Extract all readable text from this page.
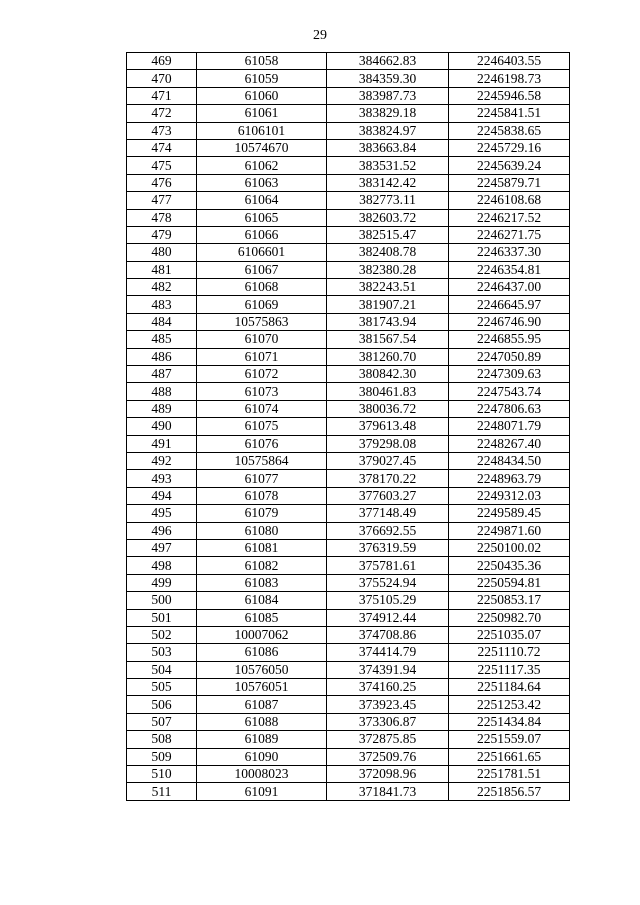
29
469	61058	384662.83	2246403.55
470	61059	384359.30	2246198.73
471	61060	383987.73	2245946.58
472	61061	383829.18	2245841.51
473	6106101	383824.97	2245838.65
474	10574670	383663.84	2245729.16
475	61062	383531.52	2245639.24
476	61063	383142.42	2245879.71
477	61064	382773.11	2246108.68
478	61065	382603.72	2246217.52
479	61066	382515.47	2246271.75
480	6106601	382408.78	2246337.30
481	61067	382380.28	2246354.81
482	61068	382243.51	2246437.00
483	61069	381907.21	2246645.97
484	10575863	381743.94	2246746.90
485	61070	381567.54	2246855.95
486	61071	381260.70	2247050.89
487	61072	380842.30	2247309.63
488	61073	380461.83	2247543.74
489	61074	380036.72	2247806.63
490	61075	379613.48	2248071.79
491	61076	379298.08	2248267.40
492	10575864	379027.45	2248434.50
493	61077	378170.22	2248963.79
494	61078	377603.27	2249312.03
495	61079	377148.49	2249589.45
496	61080	376692.55	2249871.60
497	61081	376319.59	2250100.02
498	61082	375781.61	2250435.36
499	61083	375524.94	2250594.81
500	61084	375105.29	2250853.17
501	61085	374912.44	2250982.70
502	10007062	374708.86	2251035.07
503	61086	374414.79	2251110.72
504	10576050	374391.94	2251117.35
505	10576051	374160.25	2251184.64
506	61087	373923.45	2251253.42
507	61088	373306.87	2251434.84
508	61089	372875.85	2251559.07
509	61090	372509.76	2251661.65
510	10008023	372098.96	2251781.51
511	61091	371841.73	2251856.57
